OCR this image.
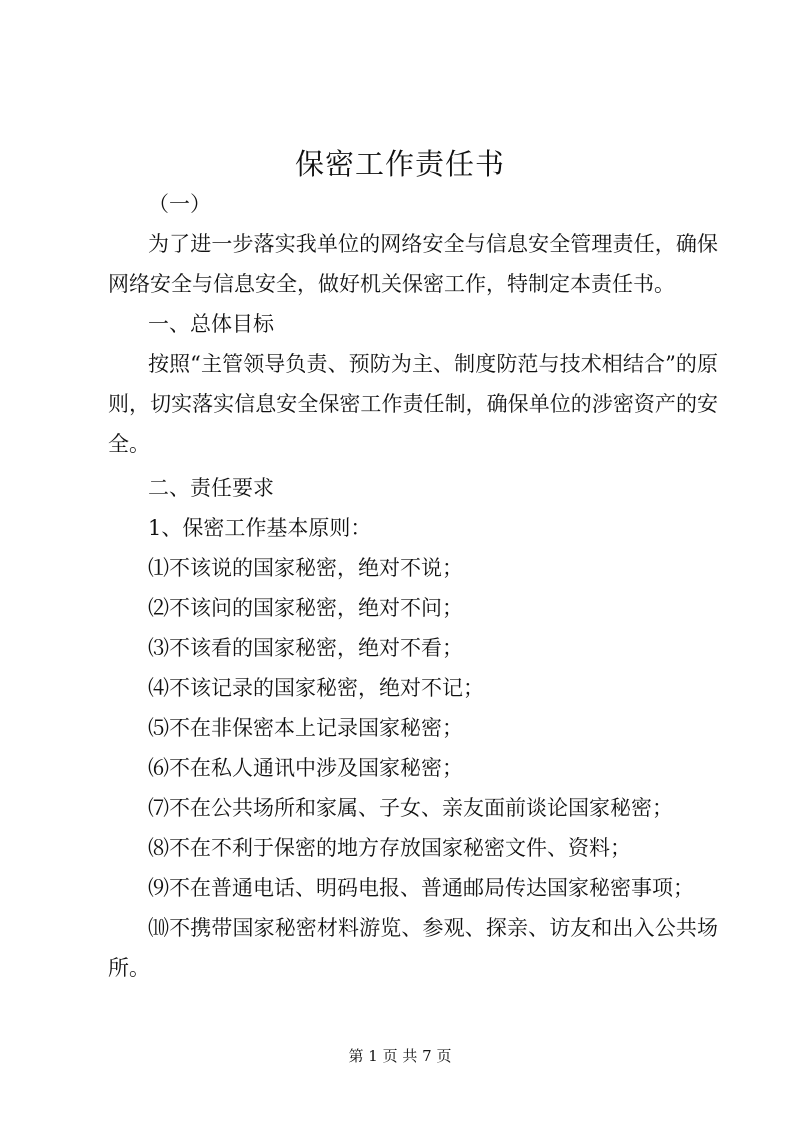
保密工作责任书

（一）

为了进一步落实我单位的网络安全与信息安全管理责任，确保网络安全与信息安全，做好机关保密工作，特制定本责任书。

一、总体目标

按照“主管领导负责、预防为主、制度防范与技术相结合”的原则，切实落实信息安全保密工作责任制，确保单位的涉密资产的安全。

二、责任要求

1、保密工作基本原则：

⑴不该说的国家秘密，绝对不说；

⑵不该问的国家秘密，绝对不问；

⑶不该看的国家秘密，绝对不看；

⑷不该记录的国家秘密，绝对不记；

⑸不在非保密本上记录国家秘密；

⑹不在私人通讯中涉及国家秘密；

⑺不在公共场所和家属、子女、亲友面前谈论国家秘密；

⑻不在不利于保密的地方存放国家秘密文件、资料；

⑼不在普通电话、明码电报、普通邮局传达国家秘密事项；

⑽不携带国家秘密材料游览、参观、探亲、访友和出入公共场所。

第 1 页 共 7 页
